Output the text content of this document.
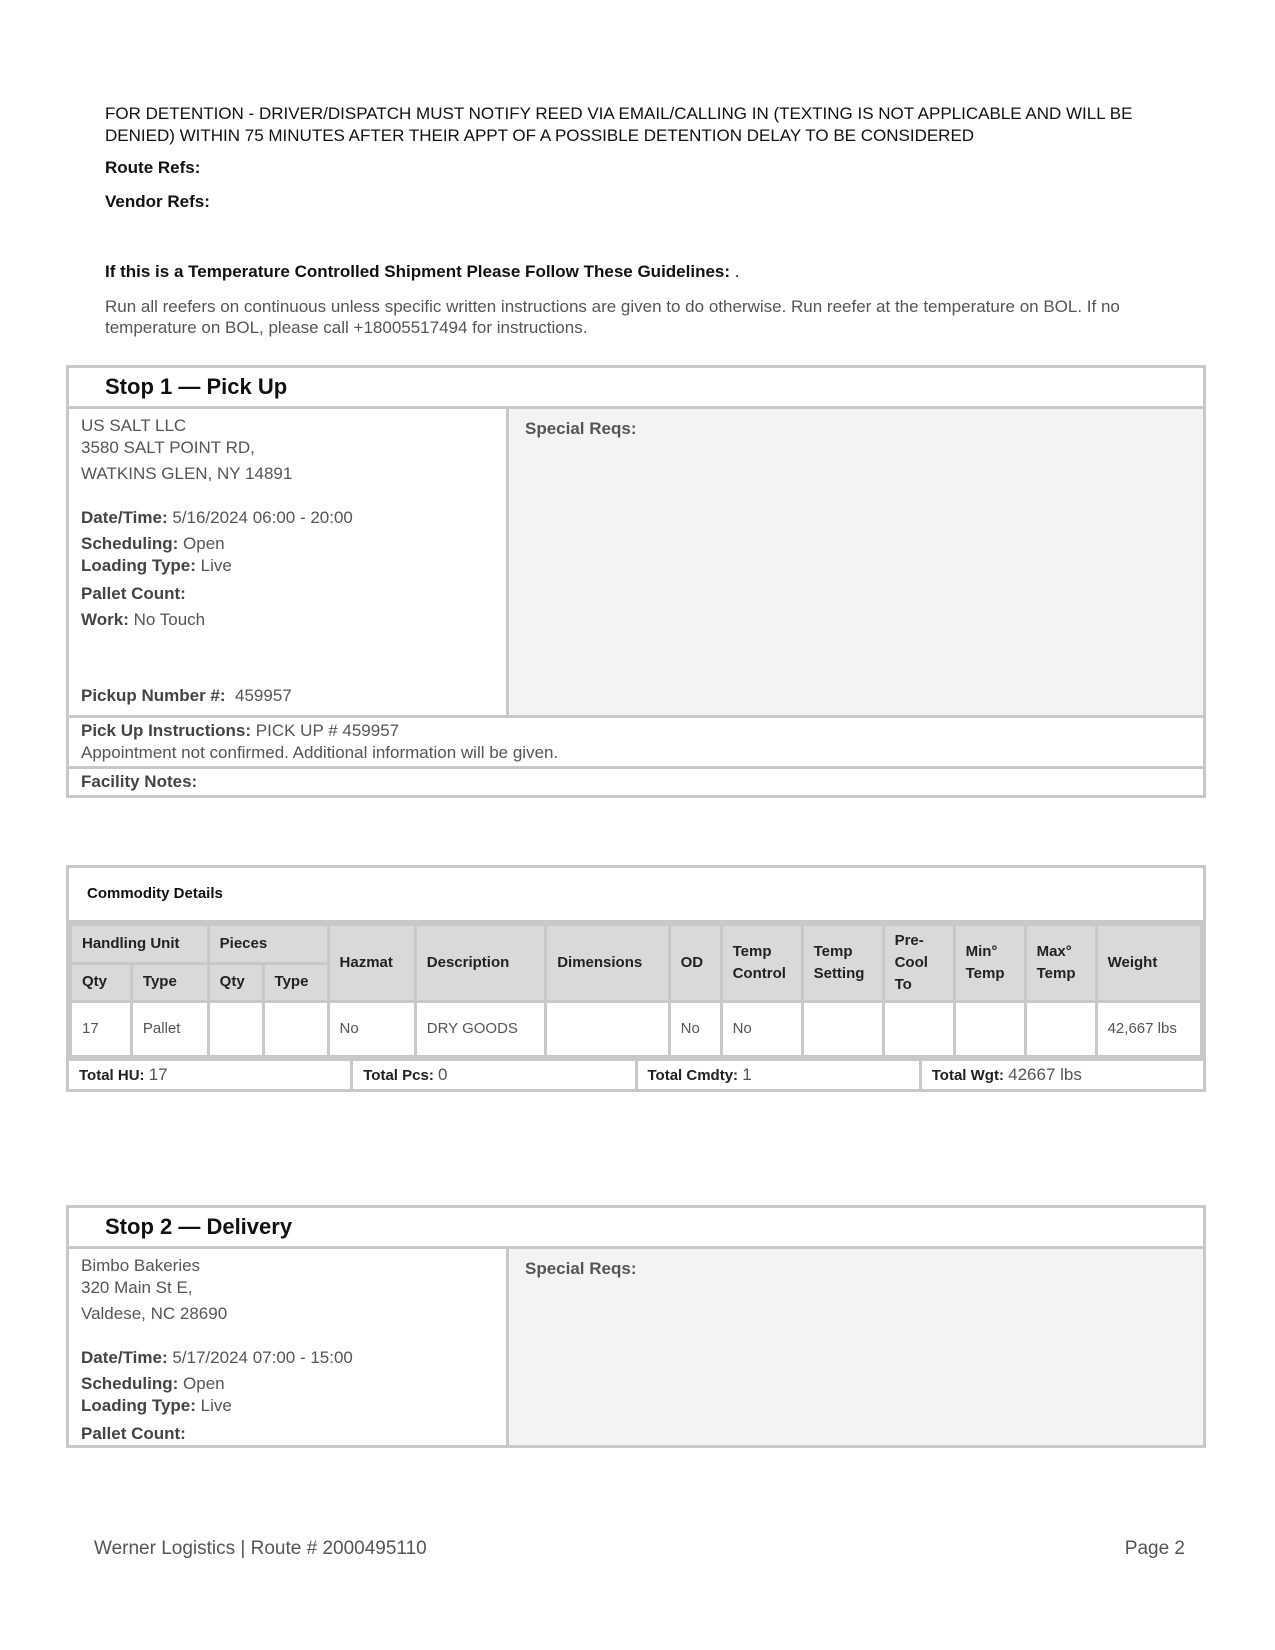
FOR DETENTION - DRIVER/DISPATCH MUST NOTIFY REED VIA EMAIL/CALLING IN (TEXTING IS NOT APPLICABLE AND WILL BE DENIED) WITHIN 75 MINUTES AFTER THEIR APPT OF A POSSIBLE DETENTION DELAY TO BE CONSIDERED
Route Refs:
Vendor Refs:
If this is a Temperature Controlled Shipment Please Follow These Guidelines: .
Run all reefers on continuous unless specific written instructions are given to do otherwise. Run reefer at the temperature on BOL. If no temperature on BOL, please call +18005517494 for instructions.
Stop 1 — Pick Up
US SALT LLC
3580 SALT POINT RD,
WATKINS GLEN, NY 14891
Date/Time: 5/16/2024 06:00 - 20:00
Scheduling: Open
Loading Type: Live
Pallet Count:
Work: No Touch
Pickup Number #: 459957
Special Reqs:
Pick Up Instructions: PICK UP # 459957
Appointment not confirmed. Additional information will be given.
Facility Notes:
Commodity Details
Handling Unit		Pieces		Hazmat	Description	Dimensions	OD	Temp Control	Temp Setting	Pre-Cool To	Min° Temp	Max° Temp	Weight
Qty	Type	Qty	Type										
17	Pallet			No	DRY GOODS		No	No					42,667 lbs
Total HU: 17	Total Pcs: 0	Total Cmdty: 1	Total Wgt: 42667 lbs
Stop 2 — Delivery
Bimbo Bakeries
320 Main St E,
Valdese, NC 28690
Date/Time: 5/17/2024 07:00 - 15:00
Scheduling: Open
Loading Type: Live
Pallet Count:
Special Reqs:
Werner Logistics | Route # 2000495110	Page 2
